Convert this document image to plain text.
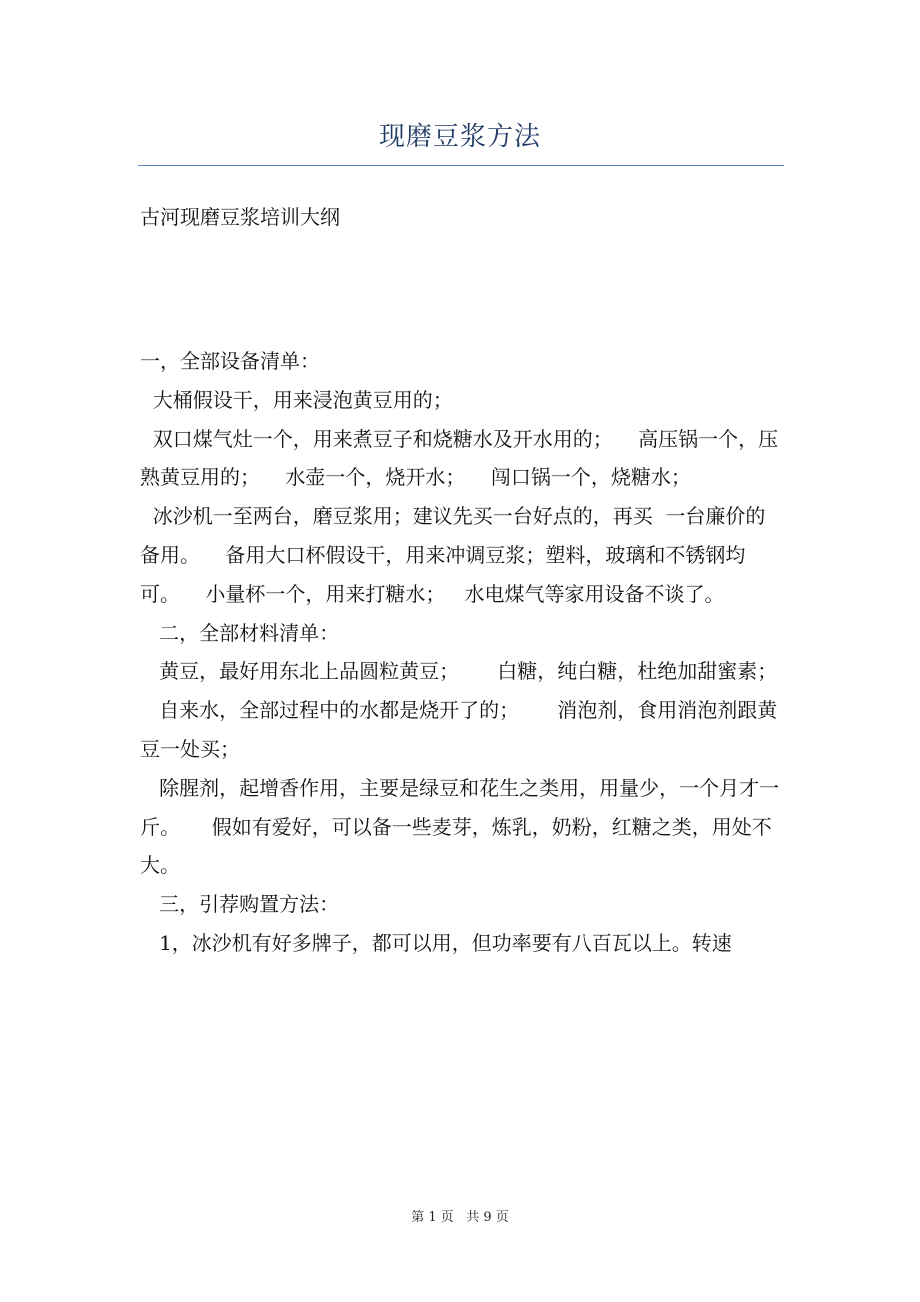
现磨豆浆方法
古河现磨豆浆培训大纲

一，全部设备清单：

大桶假设干，用来浸泡黄豆用的；

双口煤气灶一个，用来煮豆子和烧糖水及开水用的；    高压锅一个，压熟黄豆用的；    水壶一个，烧开水；    闯口锅一个，烧糖水；

冰沙机一至两台，磨豆浆用；建议先买一台好点的，再买  一台廉价的备用。    备用大口杯假设干，用来冲调豆浆；塑料，玻璃和不锈钢均可。    小量杯一个，用来打糖水；   水电煤气等家用设备不谈了。

二，全部材料清单：

黄豆，最好用东北上品圆粒黄豆；      白糖，纯白糖，杜绝加甜蜜素；

自来水，全部过程中的水都是烧开了的；      消泡剂，食用消泡剂跟黄豆一处买；

除腥剂，起增香作用，主要是绿豆和花生之类用，用量少，一个月才一斤。     假如有爱好，可以备一些麦芽，炼乳，奶粉，红糖之类，用处不大。

三，引荐购置方法：

1，冰沙机有好多牌子，都可以用，但功率要有八百瓦以上。转速

第 1 页 共 9 页
